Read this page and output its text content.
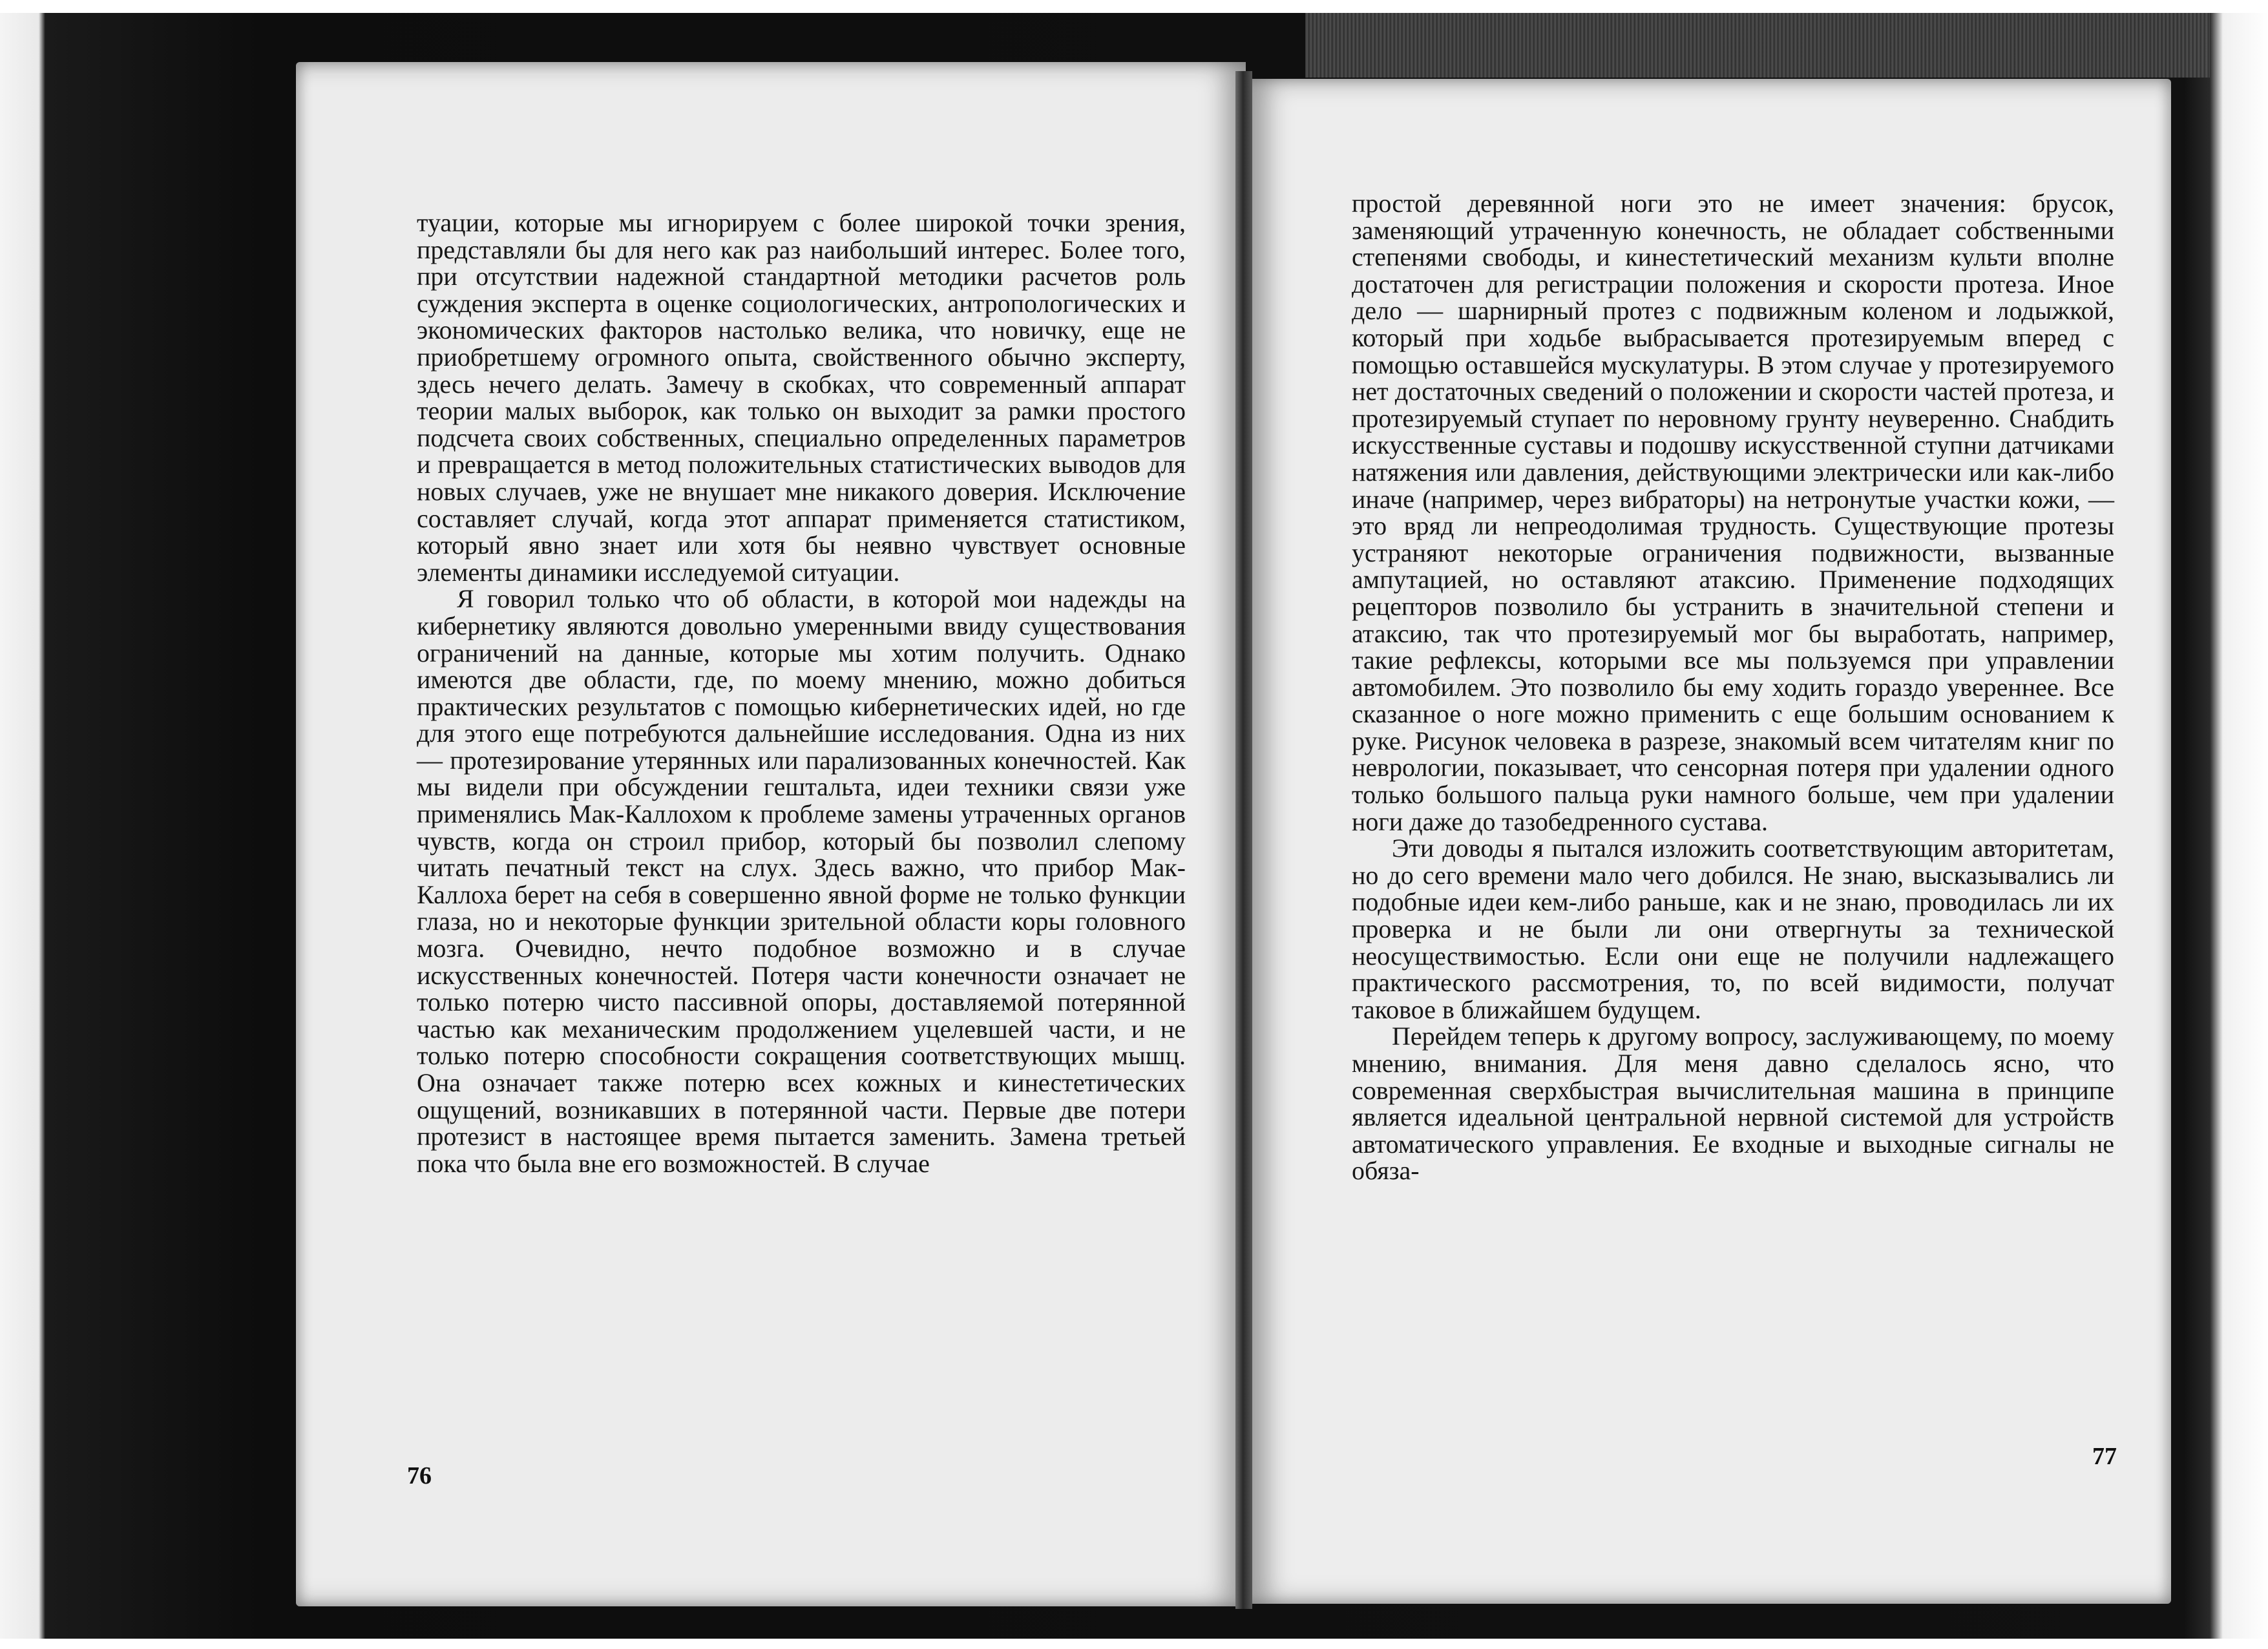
туации, которые мы игнорируем с более широкой точки зрения, представляли бы для него как раз наибольший интерес. Более того, при отсутствии надежной стандартной методики расчетов роль суждения эксперта в оценке социологических, антропологических и экономических факторов настолько велика, что новичку, еще не приобретшему огромного опыта, свойственного обычно эксперту, здесь нечего делать. Замечу в скобках, что современный аппарат теории малых выборок, как только он выходит за рамки простого подсчета своих собственных, специально определенных параметров и превращается в метод положительных статистических выводов для новых случаев, уже не внушает мне никакого доверия. Исключение составляет случай, когда этот аппарат применяется статистиком, который явно знает или хотя бы неявно чувствует основные элементы динамики исследуемой ситуации.

Я говорил только что об области, в которой мои надежды на кибернетику являются довольно умеренными ввиду существования ограничений на данные, которые мы хотим получить. Однако имеются две области, где, по моему мнению, можно добиться практических результатов с помощью кибернетических идей, но где для этого еще потребуются дальнейшие исследования. Одна из них — протезирование утерянных или парализованных конечностей. Как мы видели при обсуждении гештальта, идеи техники связи уже применялись Мак-Каллохом к проблеме замены утраченных органов чувств, когда он строил прибор, который бы позволил слепому читать печатный текст на слух. Здесь важно, что прибор Мак-Каллоха берет на себя в совершенно явной форме не только функции глаза, но и некоторые функции зрительной области коры головного мозга. Очевидно, нечто подобное возможно и в случае искусственных конечностей. Потеря части конечности означает не только потерю чисто пассивной опоры, доставляемой потерянной частью как механическим продолжением уцелевшей части, и не только потерю способности сокращения соответствующих мышц. Она означает также потерю всех кожных и кинестетических ощущений, возникавших в потерянной части. Первые две потери протезист в настоящее время пытается заменить. Замена третьей пока что была вне его возможностей. В случае

простой деревянной ноги это не имеет значения: брусок, заменяющий утраченную конечность, не обладает собственными степенями свободы, и кинестетический механизм культи вполне достаточен для регистрации положения и скорости протеза. Иное дело — шарнирный протез с подвижным коленом и лодыжкой, который при ходьбе выбрасывается протезируемым вперед с помощью оставшейся мускулатуры. В этом случае у протезируемого нет достаточных сведений о положении и скорости частей протеза, и протезируемый ступает по неровному грунту неуверенно. Снабдить искусственные суставы и подошву искусственной ступни датчиками натяжения или давления, действующими электрически или как-либо иначе (например, через вибраторы) на нетронутые участки кожи, — это вряд ли непреодолимая трудность. Существующие протезы устраняют некоторые ограничения подвижности, вызванные ампутацией, но оставляют атаксию. Применение подходящих рецепторов позволило бы устранить в значительной степени и атаксию, так что протезируемый мог бы выработать, например, такие рефлексы, которыми все мы пользуемся при управлении автомобилем. Это позволило бы ему ходить гораздо увереннее. Все сказанное о ноге можно применить с еще большим основанием к руке. Рисунок человека в разрезе, знакомый всем читателям книг по неврологии, показывает, что сенсорная потеря при удалении одного только большого пальца руки намного больше, чем при удалении ноги даже до тазобедренного сустава.

Эти доводы я пытался изложить соответствующим авторитетам, но до сего времени мало чего добился. Не знаю, высказывались ли подобные идеи кем-либо раньше, как и не знаю, проводилась ли их проверка и не были ли они отвергнуты за технической неосуществимостью. Если они еще не получили надлежащего практического рассмотрения, то, по всей видимости, получат таковое в ближайшем будущем.

Перейдем теперь к другому вопросу, заслуживающему, по моему мнению, внимания. Для меня давно сделалось ясно, что современная сверхбыстрая вычислительная машина в принципе является идеальной центральной нервной системой для устройств автоматического управления. Ее входные и выходные сигналы не обяза-

76
77
